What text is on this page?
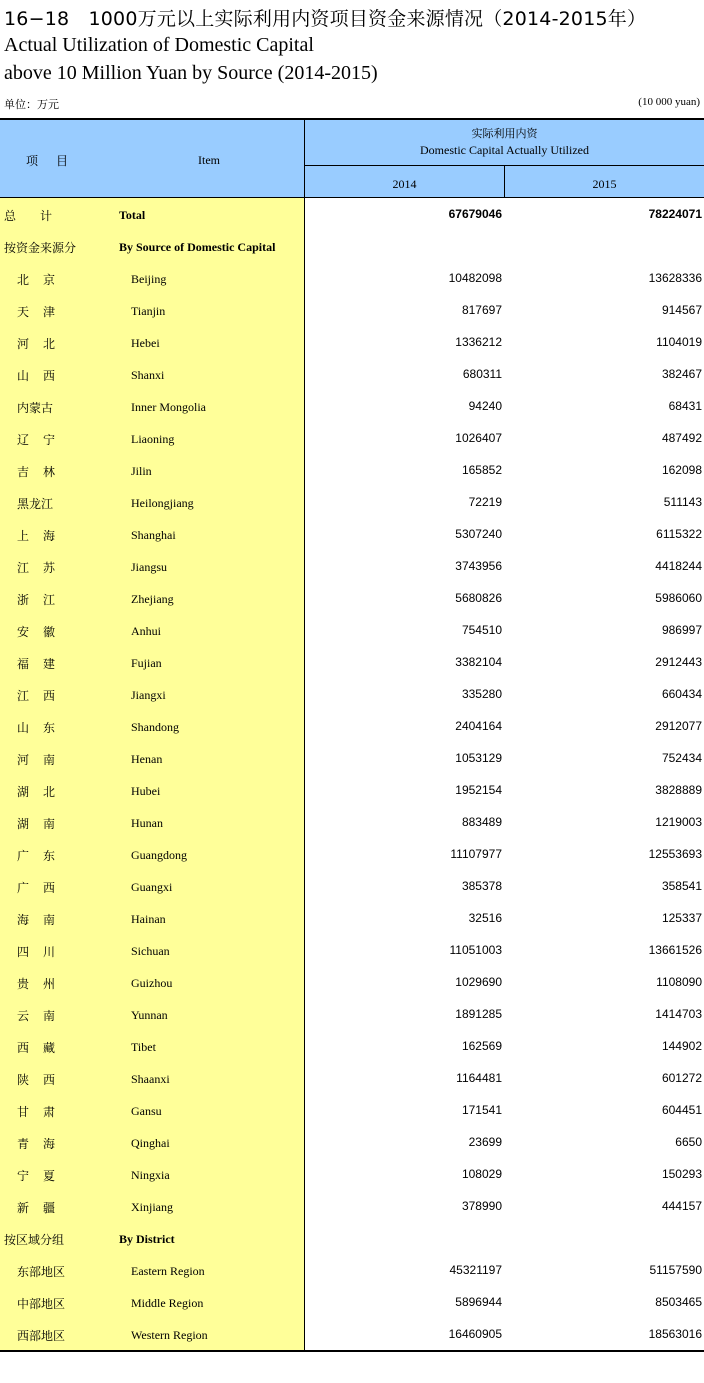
16−18　1000万元以上实际利用内资项目资金来源情况（2014-2015年）
Actual Utilization of Domestic Capital
above 10 Million Yuan by Source (2014-2015)
单位：万元	(10 000 yuan)
项目	Item
实际利用内资
Domestic Capital Actually Utilized
2014	2015
总计	Total	67679046	78224071
按资金来源分	By Source of Domestic Capital
北京	Beijing	10482098	13628336
天津	Tianjin	817697	914567
河北	Hebei	1336212	1104019
山西	Shanxi	680311	382467
内蒙古	Inner Mongolia	94240	68431
辽宁	Liaoning	1026407	487492
吉林	Jilin	165852	162098
黑龙江	Heilongjiang	72219	511143
上海	Shanghai	5307240	6115322
江苏	Jiangsu	3743956	4418244
浙江	Zhejiang	5680826	5986060
安徽	Anhui	754510	986997
福建	Fujian	3382104	2912443
江西	Jiangxi	335280	660434
山东	Shandong	2404164	2912077
河南	Henan	1053129	752434
湖北	Hubei	1952154	3828889
湖南	Hunan	883489	1219003
广东	Guangdong	11107977	12553693
广西	Guangxi	385378	358541
海南	Hainan	32516	125337
四川	Sichuan	11051003	13661526
贵州	Guizhou	1029690	1108090
云南	Yunnan	1891285	1414703
西藏	Tibet	162569	144902
陕西	Shaanxi	1164481	601272
甘肃	Gansu	171541	604451
青海	Qinghai	23699	6650
宁夏	Ningxia	108029	150293
新疆	Xinjiang	378990	444157
按区域分组	By District
东部地区	Eastern Region	45321197	51157590
中部地区	Middle Region	5896944	8503465
西部地区	Western Region	16460905	18563016
